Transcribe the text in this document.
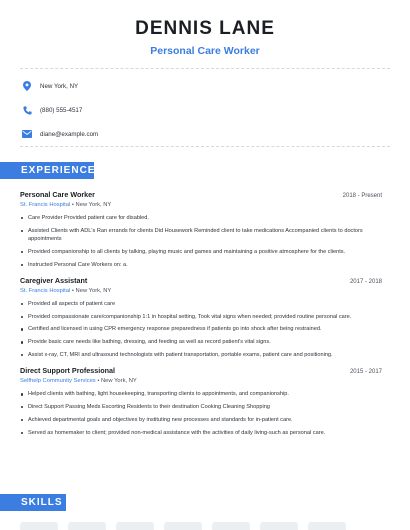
DENNIS LANE
Personal Care Worker
New York, NY
(880) 555-4517
diane@example.com
EXPERIENCE
Personal Care Worker	2018 - Present
St. Francis Hospital • New York, NY
Care Provider Provided patient care for disabled.
Assisted Clients with ADL's Ran errands for clients Did Housework Reminded client to take medications Accompanied clients to doctors appointments
Provided companionship to all clients by talking, playing music and games and maintaining a positive atmosphere for the clients.
Instructed Personal Care Workers on: a.
Caregiver Assistant	2017 - 2018
St. Francis Hospital • New York, NY
Provided all aspects of patient care
Provided compassionate care/companionship 1:1 in hospital setting, Took vital signs when needed; provided routine personal care.
Certified and licensed in using CPR emergency response preparedness if patients go into shock after being restrained.
Provide basic care needs like bathing, dressing, and feeding as well as record patient's vital signs.
Assist x-ray, CT, MRI and ultrasound technologists with patient transportation, portable exams, patient care and positioning.
Direct Support Professional	2015 - 2017
Selfhelp Community Services • New York, NY
Helped clients with bathing, light housekeeping, transporting clients to appointments, and companionship.
Direct Support Passing Meds Escorting Residents to their destination Cooking Cleaning Shopping
Achieved departmental goals and objectives by instituting new processes and standards for in-patient care.
Served as homemaker to client; provided non-medical assistance with the activities of daily living-such as personal care.
SKILLS
